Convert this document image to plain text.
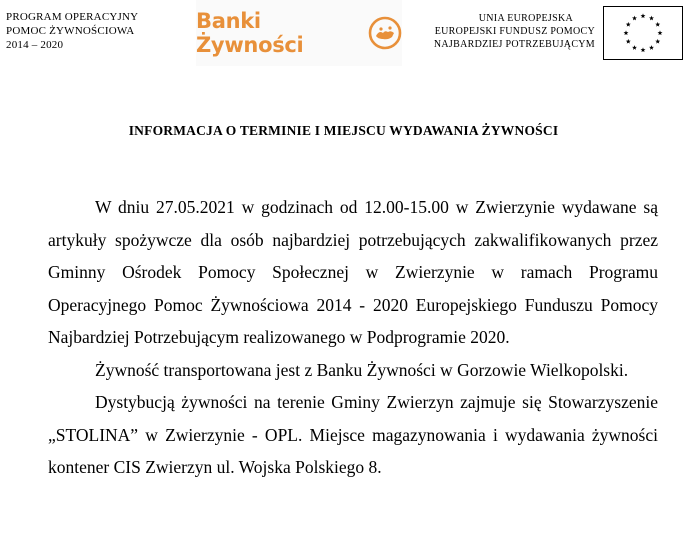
PROGRAM OPERACYJNY
POMOC ŻYWNOŚCIOWA
2014 – 2020
Banki Żywności
UNIA EUROPEJSKA
EUROPEJSKI FUNDUSZ POMOCY
NAJBARDZIEJ POTRZEBUJĄCYM
INFORMACJA O TERMINIE I MIEJSCU WYDAWANIA ŻYWNOŚCI

W dniu 27.05.2021 w godzinach od 12.00-15.00 w Zwierzynie wydawane są artykuły spożywcze dla osób najbardziej potrzebujących zakwalifikowanych przez Gminny Ośrodek Pomocy Społecznej w Zwierzynie w ramach Programu Operacyjnego Pomoc Żywnościowa 2014 - 2020 Europejskiego Funduszu Pomocy Najbardziej Potrzebującym realizowanego w Podprogramie 2020.

Żywność transportowana jest z Banku Żywności w Gorzowie Wielkopolski.

Dystybucją żywności na terenie Gminy Zwierzyn zajmuje się Stowarzyszenie „STOLINA” w Zwierzynie - OPL. Miejsce magazynowania i wydawania żywności kontener CIS Zwierzyn ul. Wojska Polskiego 8.
